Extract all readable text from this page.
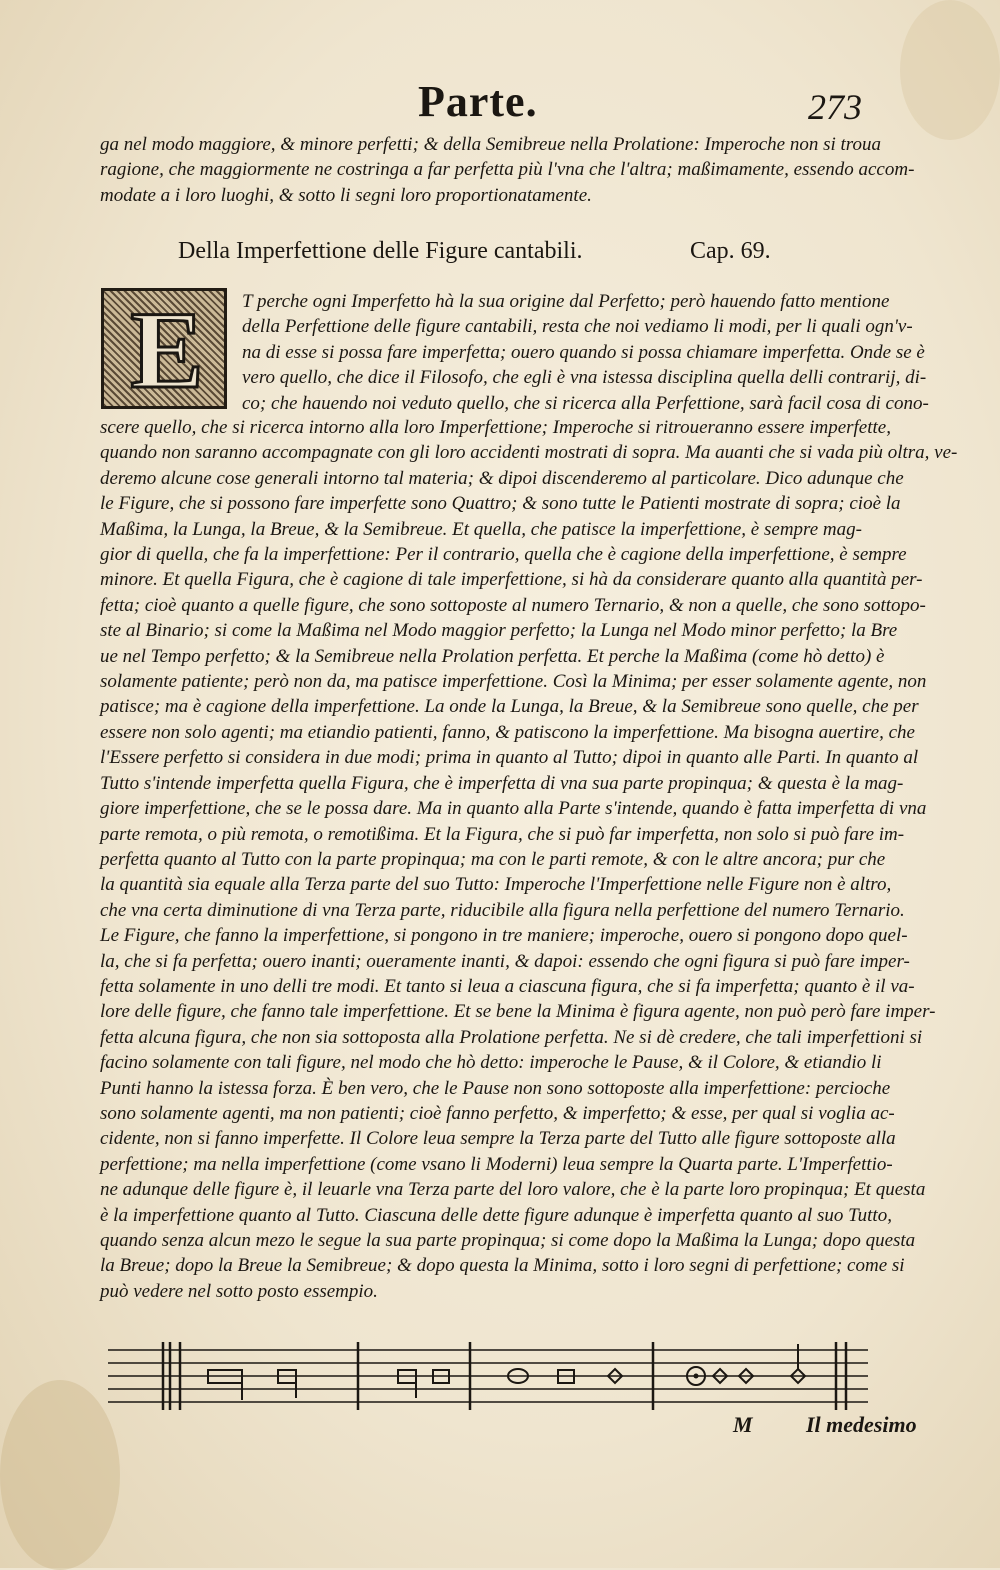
Parte.	273
ga nel modo maggiore, & minore perfetti; & della Semibreue nella Prolatione: Imperoche non si troua
ragione, che maggiormente ne costringa a far perfetta più l'vna che l'altra; maßimamente, essendo accom-
modate a i loro luoghi, & sotto li segni loro proportionatamente.
Della Imperfettione delle Figure cantabili.	Cap. 69.
E	T perche ogni Imperfetto hà la sua origine dal Perfetto; però hauendo fatto mentione
della Perfettione delle figure cantabili, resta che noi vediamo li modi, per li quali ogn'v-
na di esse si possa fare imperfetta; ouero quando si possa chiamare imperfetta. Onde se è
vero quello, che dice il Filosofo, che egli è vna istessa disciplina quella delli contrarij, di-
co; che hauendo noi veduto quello, che si ricerca alla Perfettione, sarà facil cosa di cono-
scere quello, che si ricerca intorno alla loro Imperfettione; Imperoche si ritroueranno essere imperfette,
quando non saranno accompagnate con gli loro accidenti mostrati di sopra. Ma auanti che si vada più oltra, ve-
deremo alcune cose generali intorno tal materia; & dipoi discenderemo al particolare. Dico adunque che
le Figure, che si possono fare imperfette sono Quattro; & sono tutte le Patienti mostrate di sopra; cioè la
Maßima, la Lunga, la Breue, & la Semibreue. Et quella, che patisce la imperfettione, è sempre mag-
gior di quella, che fa la imperfettione: Per il contrario, quella che è cagione della imperfettione, è sempre
minore. Et quella Figura, che è cagione di tale imperfettione, si hà da considerare quanto alla quantità per-
fetta; cioè quanto a quelle figure, che sono sottoposte al numero Ternario, & non a quelle, che sono sottopo-
ste al Binario; si come la Maßima nel Modo maggior perfetto; la Lunga nel Modo minor perfetto; la Bre
ue nel Tempo perfetto; & la Semibreue nella Prolation perfetta. Et perche la Maßima (come hò detto) è
solamente patiente; però non da, ma patisce imperfettione. Così la Minima; per esser solamente agente, non
patisce; ma è cagione della imperfettione. La onde la Lunga, la Breue, & la Semibreue sono quelle, che per
essere non solo agenti; ma etiandio patienti, fanno, & patiscono la imperfettione. Ma bisogna auertire, che
l'Essere perfetto si considera in due modi; prima in quanto al Tutto; dipoi in quanto alle Parti. In quanto al
Tutto s'intende imperfetta quella Figura, che è imperfetta di vna sua parte propinqua; & questa è la mag-
giore imperfettione, che se le possa dare. Ma in quanto alla Parte s'intende, quando è fatta imperfetta di vna
parte remota, o più remota, o remotißima. Et la Figura, che si può far imperfetta, non solo si può fare im-
perfetta quanto al Tutto con la parte propinqua; ma con le parti remote, & con le altre ancora; pur che
la quantità sia equale alla Terza parte del suo Tutto: Imperoche l'Imperfettione nelle Figure non è altro,
che vna certa diminutione di vna Terza parte, riducibile alla figura nella perfettione del numero Ternario.
Le Figure, che fanno la imperfettione, si pongono in tre maniere; imperoche, ouero si pongono dopo quel-
la, che si fa perfetta; ouero inanti; oueramente inanti, & dapoi: essendo che ogni figura si può fare imper-
fetta solamente in uno delli tre modi. Et tanto si leua a ciascuna figura, che si fa imperfetta; quanto è il va-
lore delle figure, che fanno tale imperfettione. Et se bene la Minima è figura agente, non può però fare imper-
fetta alcuna figura, che non sia sottoposta alla Prolatione perfetta. Ne si dè credere, che tali imperfettioni si
facino solamente con tali figure, nel modo che hò detto: imperoche le Pause, & il Colore, & etiandio li
Punti hanno la istessa forza. È ben vero, che le Pause non sono sottoposte alla imperfettione: percioche
sono solamente agenti, ma non patienti; cioè fanno perfetto, & imperfetto; & esse, per qual si voglia ac-
cidente, non si fanno imperfette. Il Colore leua sempre la Terza parte del Tutto alle figure sottoposte alla
perfettione; ma nella imperfettione (come vsano li Moderni) leua sempre la Quarta parte. L'Imperfettio-
ne adunque delle figure è, il leuarle vna Terza parte del loro valore, che è la parte loro propinqua; Et questa
è la imperfettione quanto al Tutto. Ciascuna delle dette figure adunque è imperfetta quanto al suo Tutto,
quando senza alcun mezo le segue la sua parte propinqua; si come dopo la Maßima la Lunga; dopo questa
la Breue; dopo la Breue la Semibreue; & dopo questa la Minima, sotto i loro segni di perfettione; come si
può vedere nel sotto posto essempio.
M Il medesimo
